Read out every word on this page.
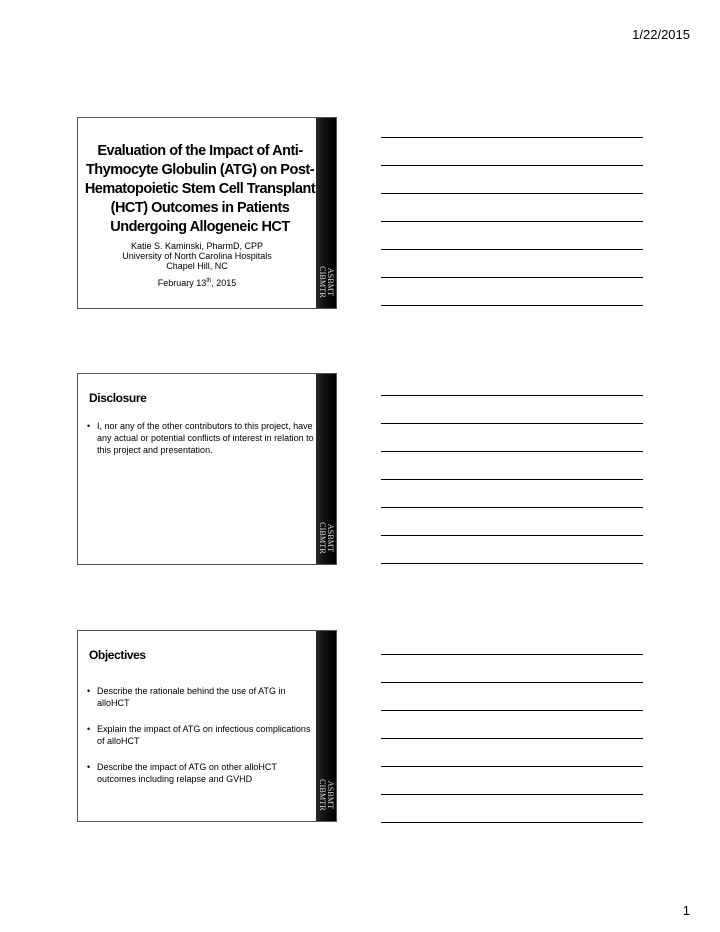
1/22/2015
Evaluation of the Impact of Anti-Thymocyte Globulin (ATG) on Post-Hematopoietic Stem Cell Transplant (HCT) Outcomes in Patients Undergoing Allogeneic HCT
Katie S. Kaminski, PharmD, CPP
University of North Carolina Hospitals
Chapel Hill, NC
February 13th, 2015	ASBMT
CIBMTR
Disclosure
• I, nor any of the other contributors to this project, have any actual or potential conflicts of interest in relation to this project and presentation.
ASBMT
CIBMTR
Objectives
• Describe the rationale behind the use of ATG in alloHCT
• Explain the impact of ATG on infectious complications of alloHCT
• Describe the impact of ATG on other alloHCT outcomes including relapse and GVHD
ASBMT
CIBMTR
1
